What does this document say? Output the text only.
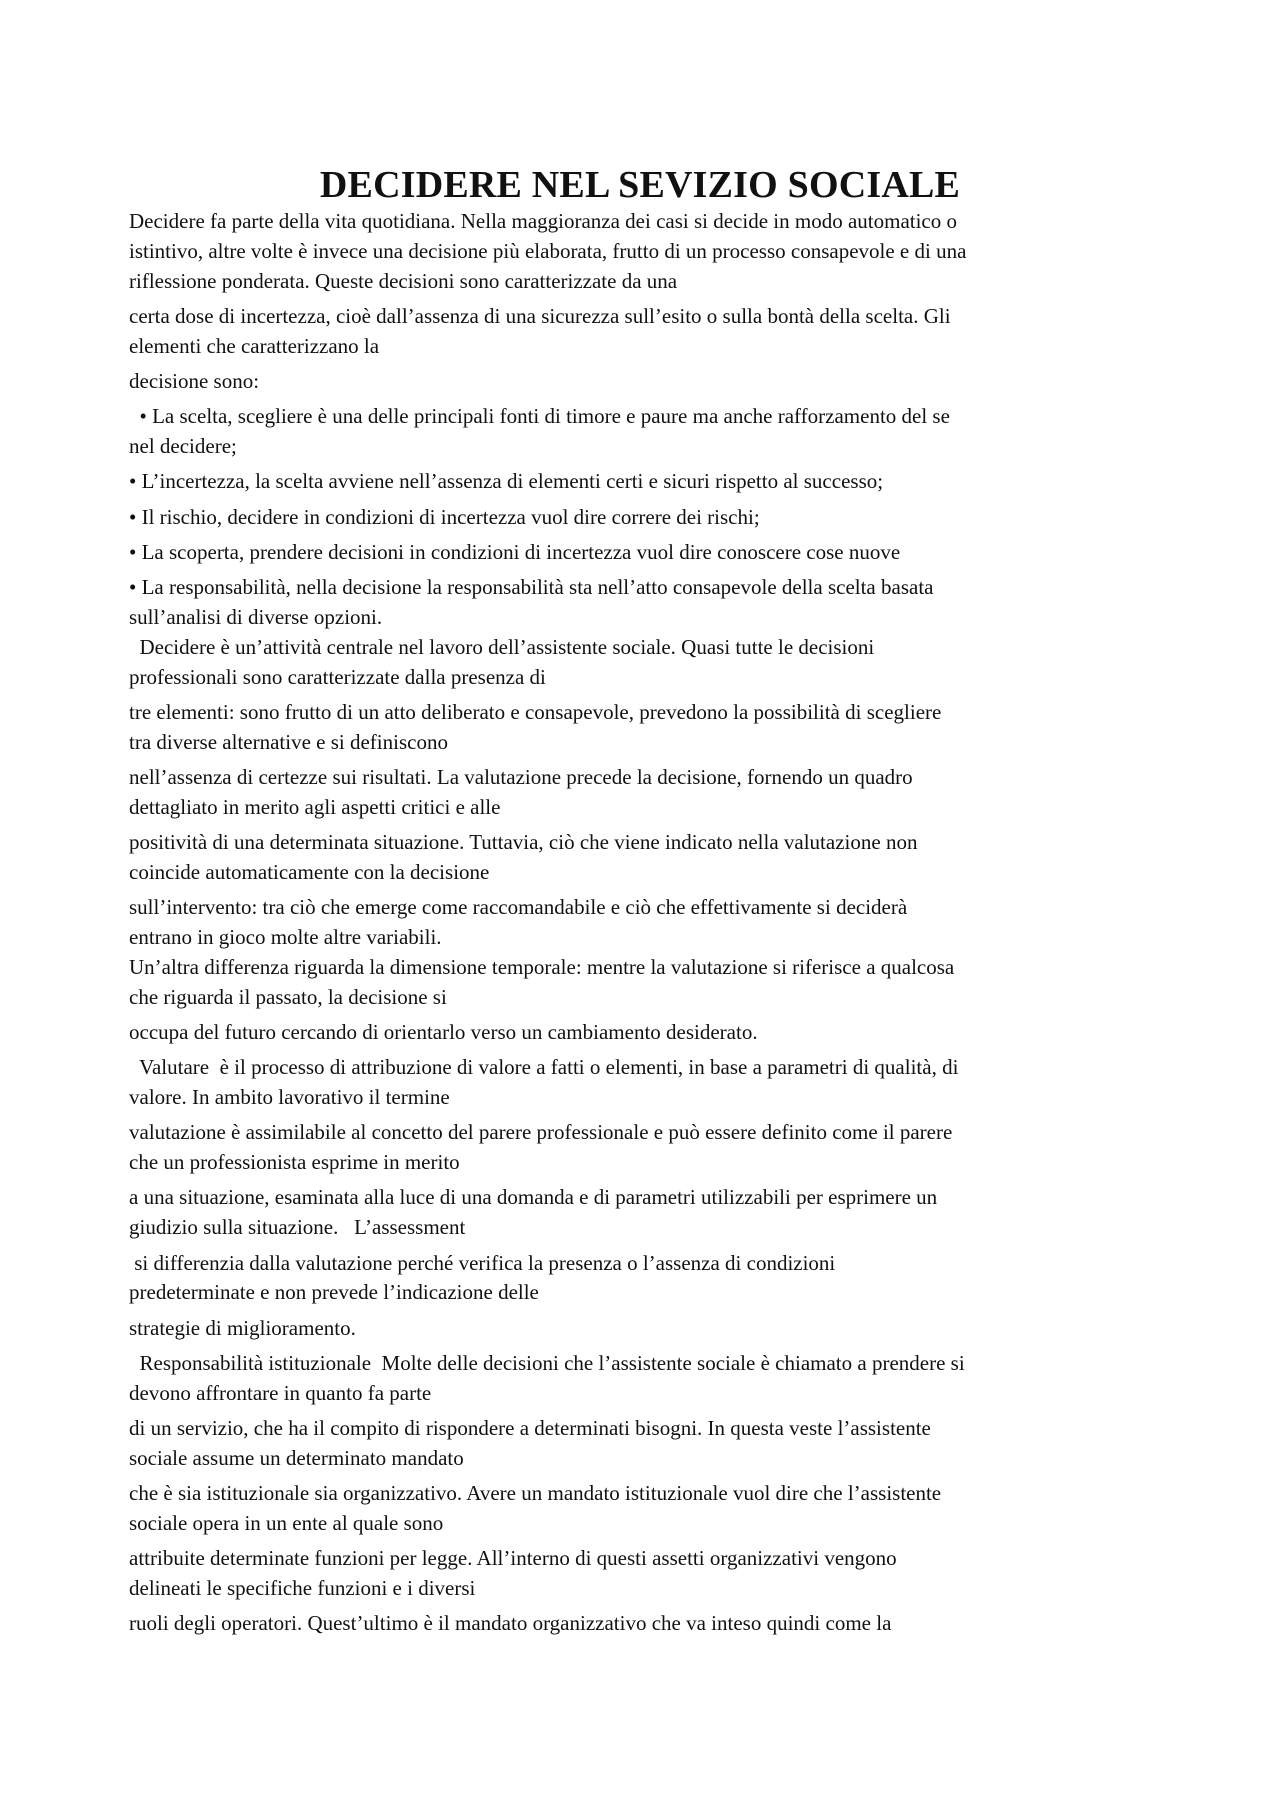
DECIDERE NEL SEVIZIO SOCIALE
Decidere fa parte della vita quotidiana. Nella maggioranza dei casi si decide in modo automatico o
istintivo, altre volte è invece una decisione più elaborata, frutto di un processo consapevole e di una
riflessione ponderata. Queste decisioni sono caratterizzate da una
certa dose di incertezza, cioè dall’assenza di una sicurezza sull’esito o sulla bontà della scelta. Gli
elementi che caratterizzano la
decisione sono:
• La scelta, scegliere è una delle principali fonti di timore e paure ma anche rafforzamento del se
nel decidere;
• L’incertezza, la scelta avviene nell’assenza di elementi certi e sicuri rispetto al successo;
• Il rischio, decidere in condizioni di incertezza vuol dire correre dei rischi;
• La scoperta, prendere decisioni in condizioni di incertezza vuol dire conoscere cose nuove
• La responsabilità, nella decisione la responsabilità sta nell’atto consapevole della scelta basata
sull’analisi di diverse opzioni.
Decidere è un’attività centrale nel lavoro dell’assistente sociale. Quasi tutte le decisioni
professionali sono caratterizzate dalla presenza di
tre elementi: sono frutto di un atto deliberato e consapevole, prevedono la possibilità di scegliere
tra diverse alternative e si definiscono
nell’assenza di certezze sui risultati. La valutazione precede la decisione, fornendo un quadro
dettagliato in merito agli aspetti critici e alle
positività di una determinata situazione. Tuttavia, ciò che viene indicato nella valutazione non
coincide automaticamente con la decisione
sull’intervento: tra ciò che emerge come raccomandabile e ciò che effettivamente si deciderà
entrano in gioco molte altre variabili.
Un’altra differenza riguarda la dimensione temporale: mentre la valutazione si riferisce a qualcosa
che riguarda il passato, la decisione si
occupa del futuro cercando di orientarlo verso un cambiamento desiderato.
Valutare  è il processo di attribuzione di valore a fatti o elementi, in base a parametri di qualità, di
valore. In ambito lavorativo il termine
valutazione è assimilabile al concetto del parere professionale e può essere definito come il parere
che un professionista esprime in merito
a una situazione, esaminata alla luce di una domanda e di parametri utilizzabili per esprimere un
giudizio sulla situazione.   L’assessment
si differenzia dalla valutazione perché verifica la presenza o l’assenza di condizioni
predeterminate e non prevede l’indicazione delle
strategie di miglioramento.
Responsabilità istituzionale  Molte delle decisioni che l’assistente sociale è chiamato a prendere si
devono affrontare in quanto fa parte
di un servizio, che ha il compito di rispondere a determinati bisogni. In questa veste l’assistente
sociale assume un determinato mandato
che è sia istituzionale sia organizzativo. Avere un mandato istituzionale vuol dire che l’assistente
sociale opera in un ente al quale sono
attribuite determinate funzioni per legge. All’interno di questi assetti organizzativi vengono
delineati le specifiche funzioni e i diversi
ruoli degli operatori. Quest’ultimo è il mandato organizzativo che va inteso quindi come la
